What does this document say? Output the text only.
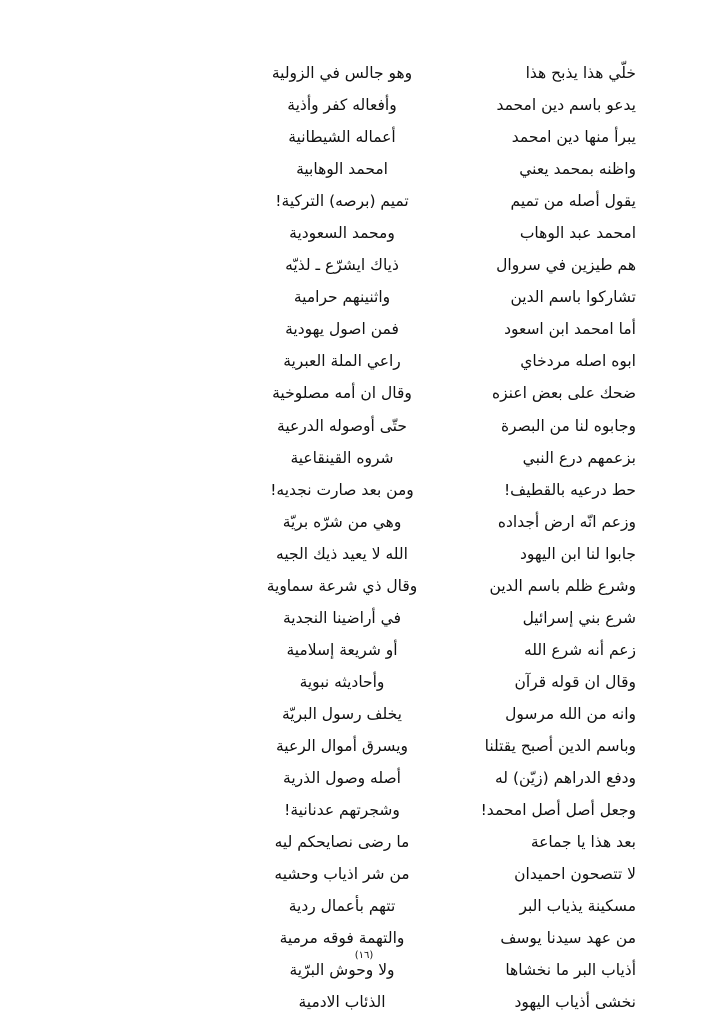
خلّي هذا يذبح هذا
وهو جالس في الزولية
يدعو باسم دين امحمد
وأفعاله كفر وأذية
يبرأ منها دين امحمد
أعماله الشيطانية
واظنه بمحمد يعني
امحمد الوهابية
يقول أصله من تميم
تميم (برصه) التركية!
امحمد عبد الوهاب
ومحمد السعودية
هم طيزين في سروال
ذياك ايشرّع ـ لذيّه
تشاركوا باسم الدين
واثنينهم حرامية
أما امحمد ابن اسعود
فمن اصول يهودية
ابوه اصله مردخاي
راعي الملة العبرية
ضحك على بعض اعنزه
وقال ان أمه مصلوخية
وجابوه لنا من البصرة
حتّى أوصوله الدرعية
بزعمهم درع النبي
شروه القينقاعية
حط درعيه بالقطيف!
ومن بعد صارت نجديه!
وزعم انّه ارض أجداده
وهي من شرّه بريّة
جابوا لنا ابن اليهود
الله لا يعيد ذيك الجيه
وشرع ظلم باسم الدين
وقال ذي شرعة سماوية
شرع بني إسرائيل
في أراضينا النجدية
زعم أنه شرع الله
أو شريعة إسلامية
وقال ان قوله قرآن
وأحاديثه نبوية
وانه من الله مرسول
يخلف رسول البريّة
وباسم الدين أصبح يقتلنا
ويسرق أموال الرعية
ودفع الدراهم (زيّن) له
أصله وصول الذرية
وجعل أصل أصل امحمد!
وشجرتهم عدنانية!
بعد هذا يا جماعة
ما رضى نصايحكم ليه
لا تتصحون احميدان
من شر اذياب وحشيه
مسكينة يذياب البر
تتهم بأعمال ردية
من عهد سيدنا يوسف
والتهمة فوقه مرمية
أذياب البر ما نخشاها
ولا وحوش البرّية
نخشى أذياب اليهود
الذئاب الادمية
(١٦)
